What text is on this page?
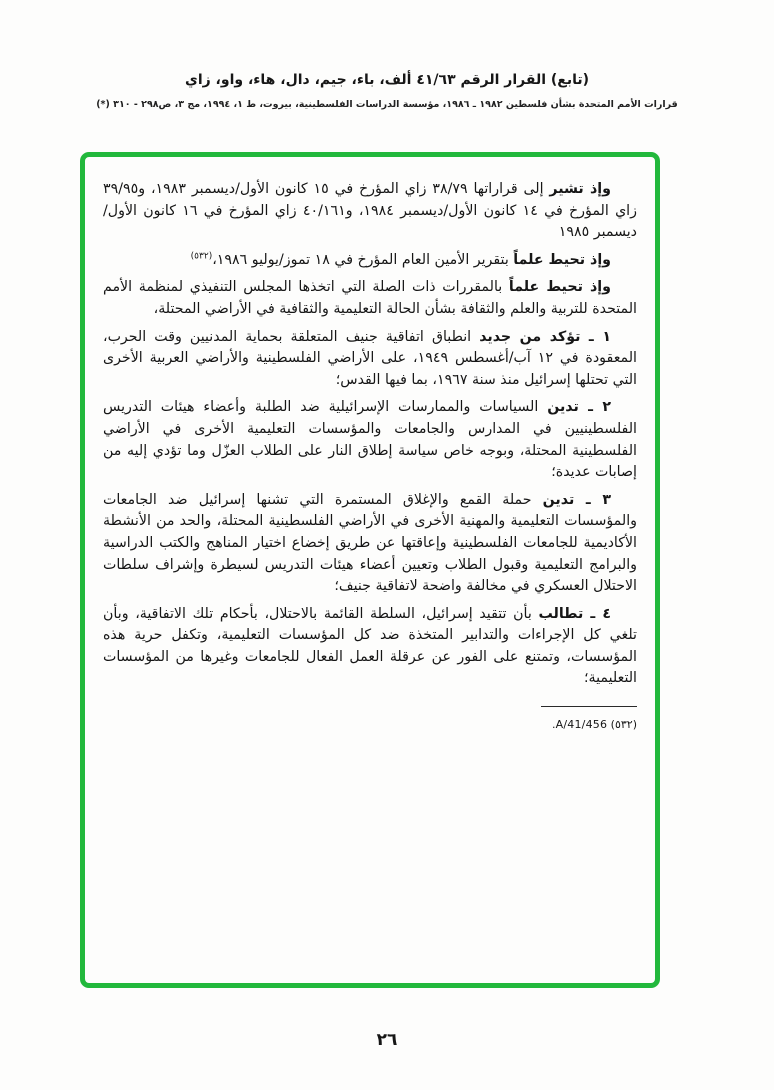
(تابع) القرار الرقم ٤١/٦٣ ألف، باء، جيم، دال، هاء، واو، زاي
قرارات الأمم المتحدة بشأن فلسطين ١٩٨٢ ـ ١٩٨٦، مؤسسة الدراسات الفلسطينية، بيروت، ط ١، ١٩٩٤، مج ٣، ص٢٩٨ - ٣١٠ (*)

وإذ تشير إلى قراراتها ٣٨/٧٩ زاي المؤرخ في ١٥ كانون الأول/ديسمبر ١٩٨٣، و٣٩/٩٥ زاي المؤرخ في ١٤ كانون الأول/ديسمبر ١٩٨٤، و٤٠/١٦١ زاي المؤرخ في ١٦ كانون الأول/ديسمبر ١٩٨٥

وإذ تحيط علماً بتقرير الأمين العام المؤرخ في ١٨ تموز/يوليو ١٩٨٦،$^{(٥٣٢)}$

وإذ تحيط علماً بالمقررات ذات الصلة التي اتخذها المجلس التنفيذي لمنظمة الأمم المتحدة للتربية والعلم والثقافة بشأن الحالة التعليمية والثقافية في الأراضي المحتلة،

١ ـ تؤكد من جديد انطباق اتفاقية جنيف المتعلقة بحماية المدنيين وقت الحرب، المعقودة في ١٢ آب/أغسطس ١٩٤٩، على الأراضي الفلسطينية والأراضي العربية الأخرى التي تحتلها إسرائيل منذ سنة ١٩٦٧، بما فيها القدس؛

٢ ـ تدين السياسات والممارسات الإسرائيلية ضد الطلبة وأعضاء هيئات التدريس الفلسطينيين في المدارس والجامعات والمؤسسات التعليمية الأخرى في الأراضي الفلسطينية المحتلة، وبوجه خاص سياسة إطلاق النار على الطلاب العزّل وما تؤدي إليه من إصابات عديدة؛

٣ ـ تدين حملة القمع والإغلاق المستمرة التي تشنها إسرائيل ضد الجامعات والمؤسسات التعليمية والمهنية الأخرى في الأراضي الفلسطينية المحتلة، والحد من الأنشطة الأكاديمية للجامعات الفلسطينية وإعاقتها عن طريق إخضاع اختيار المناهج والكتب الدراسية والبرامج التعليمية وقبول الطلاب وتعيين أعضاء هيئات التدريس لسيطرة وإشراف سلطات الاحتلال العسكري في مخالفة واضحة لاتفاقية جنيف؛

٤ ـ تطالب بأن تتقيد إسرائيل، السلطة القائمة بالاحتلال، بأحكام تلك الاتفاقية، وبأن تلغي كل الإجراءات والتدابير المتخذة ضد كل المؤسسات التعليمية، وتكفل حرية هذه المؤسسات، وتمتنع على الفور عن عرقلة العمل الفعال للجامعات وغيرها من المؤسسات التعليمية؛

(٥٣٢) A/41/456.
٢٦
